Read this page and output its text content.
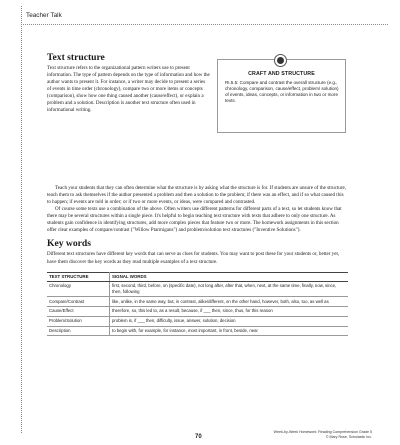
Teacher Talk
Text structure

Text structure refers to the organizational pattern writers use to present information. The type of pattern depends on the type of information and how the author wants to present it. For instance, a writer may decide to present a series of events in time order (chronology), compare two or more items or concepts (comparison), show how one thing caused another (cause/effect), or explain a problem and a solution. Description is another text structure often used in informational writing.

CRAFT AND STRUCTURE
RI.5.5: Compare and contrast the overall structure (e.g., chronology, comparison, cause/effect, problem/ solution) of events, ideas, concepts, or information in two or more texts.

Teach your students that they can often determine what the structure is by asking what the structure is for. If students are unsure of the structure, teach them to ask themselves if the author presented a problem and then a solution to the problem; if there was an effect, and if so what caused this to happen; if events are told in order; or if two or more events, or ideas, were compared and contrasted.

Of course some texts use a combination of the above. Often writers use different patterns for different parts of a text, so let students know that there may be several structures within a single piece. It's helpful to begin teaching text structure with texts that adhere to only one structure. As students gain confidence in identifying structures, add more complex pieces that feature two or more. The homework assignments in this section offer clear examples of compare/contrast ("Willow Ptarmigans") and problem/solution text structures ("Inventive Solutions").

Key words

Different text structures have different key words that can serve as clues for students. You may want to post these for your students or, better yet, have them discover the key words as they read multiple examples of a text structure.

TEXT STRUCTURE	SIGNAL WORDS
Chronology	first, second, third, before, on (specific date), not long after, after that, when, next, at the same time, finally, now, since, then, following
Compare/Contrast	like, unlike, in the same way, but, in contrast, alike/different, on the other hand, however, both, also, too, as well as
Cause/Effect	therefore, so, this led to, as a result, because, if ___ then, since, thus, for this reason
Problem/Solution	problem is, if ___ then, difficulty, issue, answer, solution, decision
Description	to begin with, for example, for instance, most important, in front, beside, near
70
Week-by-Week Homework: Reading Comprehension Grade 5
© Mary Rose, Scholastic Inc.
